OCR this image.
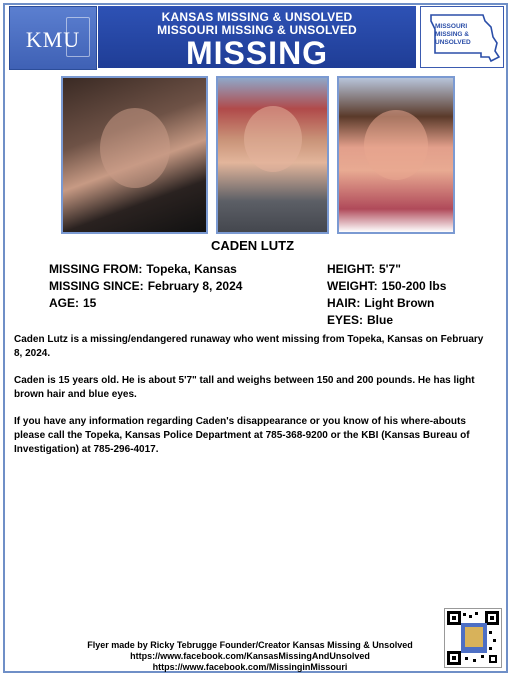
KMU
KANSAS MISSING & UNSOLVED
MISSOURI MISSING & UNSOLVED
MISSING
MISSOURI
MISSING &
UNSOLVED
CADEN LUTZ
MISSING FROM: Topeka, Kansas
MISSING SINCE: February 8, 2024
AGE: 15
HEIGHT: 5'7"
WEIGHT: 150-200 lbs
HAIR: Light Brown
EYES: Blue
Caden Lutz is a missing/endangered runaway who went missing from Topeka, Kansas on February 8, 2024.
Caden is 15 years old. He is about 5'7" tall and weighs between 150 and 200 pounds. He has light brown hair and blue eyes.
If you have any information regarding Caden's disappearance or you know of his where-abouts please call the Topeka, Kansas Police Department at 785-368-9200 or the KBI (Kansas Bureau of Investigation) at 785-296-4017.
Flyer made by Ricky Tebrugge Founder/Creator Kansas Missing & Unsolved
https://www.facebook.com/KansasMissingAndUnsolved
https://www.facebook.com/MissinginMissouri
